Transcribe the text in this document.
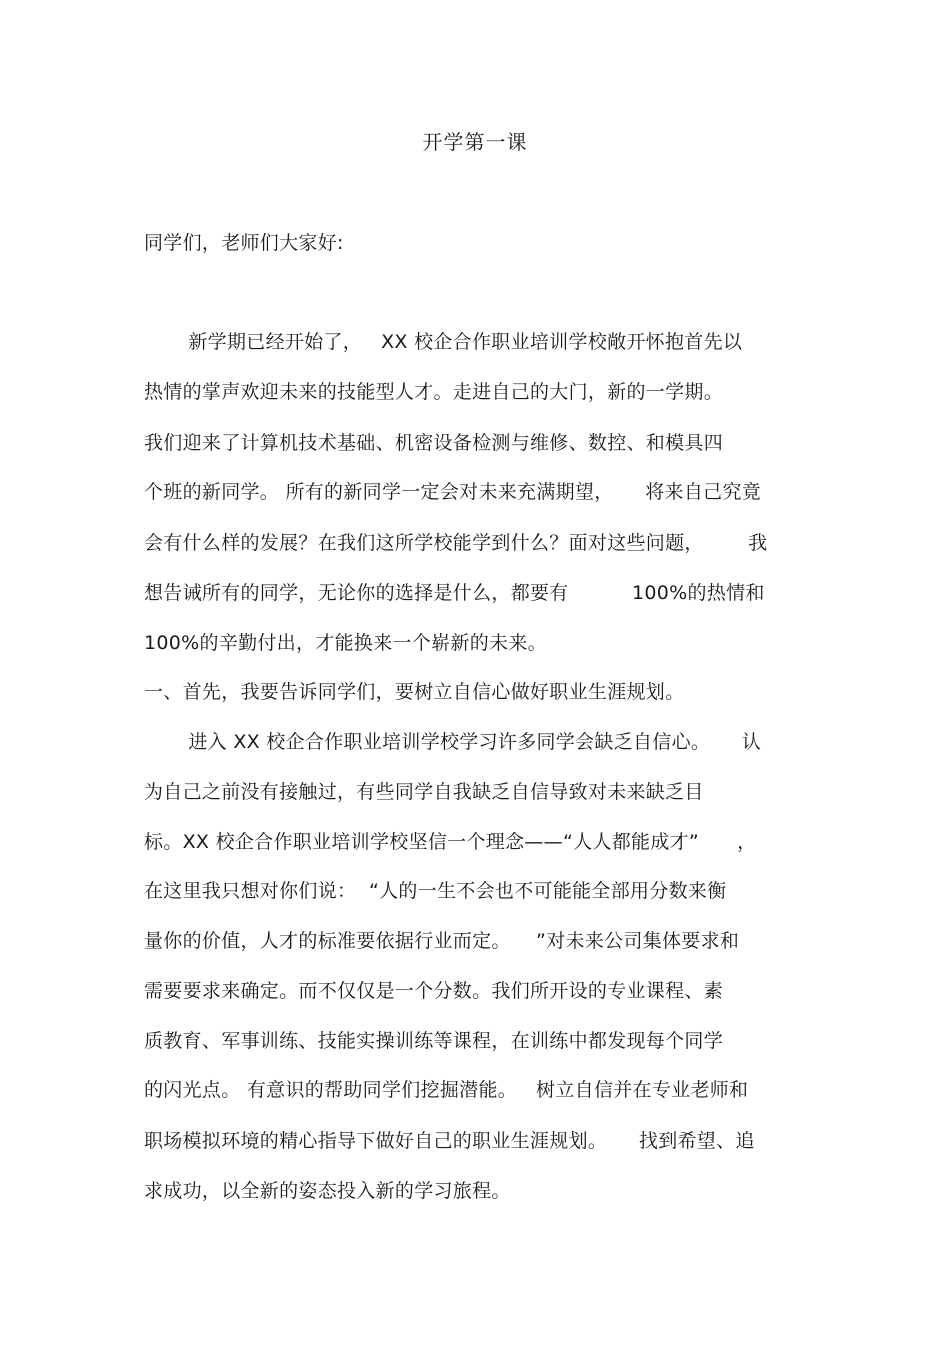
开学第一课
同学们，老师们大家好:
新学期已经开始了，   XX 校企合作职业培训学校敞开怀抱首先以
热情的掌声欢迎未来的技能型人才。走进自己的大门，新的一学期。
我们迎来了计算机技术基础、机密设备检测与维修、数控、和模具四
个班的新同学。 所有的新同学一定会对未来充满期望，     将来自己究竟
会有什么样的发展？在我们这所学校能学到什么？面对这些问题，       我
想告诫所有的同学，无论你的选择是什么，都要有          100%的热情和
100%的辛勤付出，才能换来一个崭新的未来。
一、首先，我要告诉同学们，要树立自信心做好职业生涯规划。
进入 XX 校企合作职业培训学校学习许多同学会缺乏自信心。     认
为自己之前没有接触过，有些同学自我缺乏自信导致对未来缺乏目
标。XX 校企合作职业培训学校坚信一个理念——“人人都能成才”      ，
在这里我只想对你们说：  “人的一生不会也不可能能全部用分数来衡
量你的价值，人才的标准要依据行业而定。    ”对未来公司集体要求和
需要要求来确定。而不仅仅是一个分数。我们所开设的专业课程、素
质教育、军事训练、技能实操训练等课程，在训练中都发现每个同学
的闪光点。 有意识的帮助同学们挖掘潜能。   树立自信并在专业老师和
职场模拟环境的精心指导下做好自己的职业生涯规划。     找到希望、追
求成功，以全新的姿态投入新的学习旅程。
